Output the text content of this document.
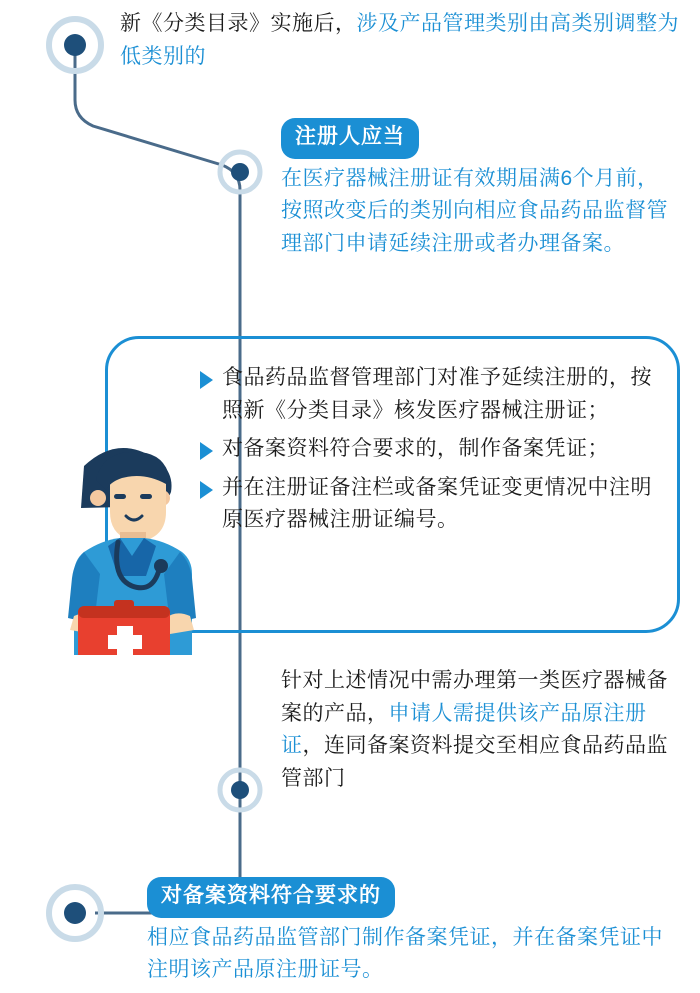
新《分类目录》实施后，涉及产品管理类别由高类别调整为低类别的
注册人应当
在医疗器械注册证有效期届满6个月前，按照改变后的类别向相应食品药品监督管理部门申请延续注册或者办理备案。
食品药品监督管理部门对准予延续注册的，按照新《分类目录》核发医疗器械注册证；
对备案资料符合要求的，制作备案凭证；
并在注册证备注栏或备案凭证变更情况中注明原医疗器械注册证编号。
针对上述情况中需办理第一类医疗器械备案的产品，申请人需提供该产品原注册证，连同备案资料提交至相应食品药品监管部门
对备案资料符合要求的
相应食品药品监管部门制作备案凭证，并在备案凭证中注明该产品原注册证号。
